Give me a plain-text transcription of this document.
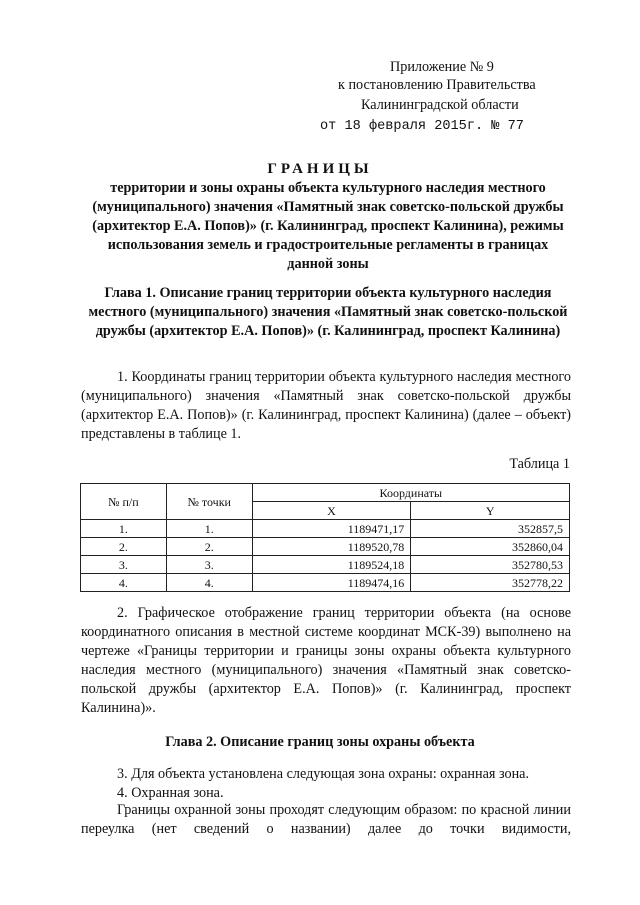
Приложение № 9
к постановлению Правительства
Калининградской области
от 18 февраля 2015г. № 77
ГРАНИЦЫ
территории и зоны охраны объекта культурного наследия местного (муниципального) значения «Памятный знак советско-польской дружбы (архитектор Е.А. Попов)» (г. Калининград, проспект Калинина), режимы использования земель и градостроительные регламенты в границах данной зоны
Глава 1. Описание границ территории объекта культурного наследия местного (муниципального) значения «Памятный знак советско-польской дружбы (архитектор Е.А. Попов)» (г. Калининград, проспект Калинина)
1. Координаты границ территории объекта культурного наследия местного (муниципального) значения «Памятный знак советско-польской дружбы (архитектор Е.А. Попов)» (г. Калининград, проспект Калинина) (далее – объект) представлены в таблице 1.
Таблица 1
№ п/п	№ точки	Координаты	
		X	Y
1.	1.	1189471,17	352857,5
2.	2.	1189520,78	352860,04
3.	3.	1189524,18	352780,53
4.	4.	1189474,16	352778,22
2. Графическое отображение границ территории объекта (на основе координатного описания в местной системе координат МСК-39) выполнено на чертеже «Границы территории и границы зоны охраны объекта культурного наследия местного (муниципального) значения «Памятный знак советско-польской дружбы (архитектор Е.А. Попов)» (г. Калининград, проспект Калинина)».
Глава 2. Описание границ зоны охраны объекта
3. Для объекта установлена следующая зона охраны: охранная зона.
4. Охранная зона.
Границы охранной зоны проходят следующим образом: по красной линии переулка (нет сведений о названии) далее до точки видимости,
